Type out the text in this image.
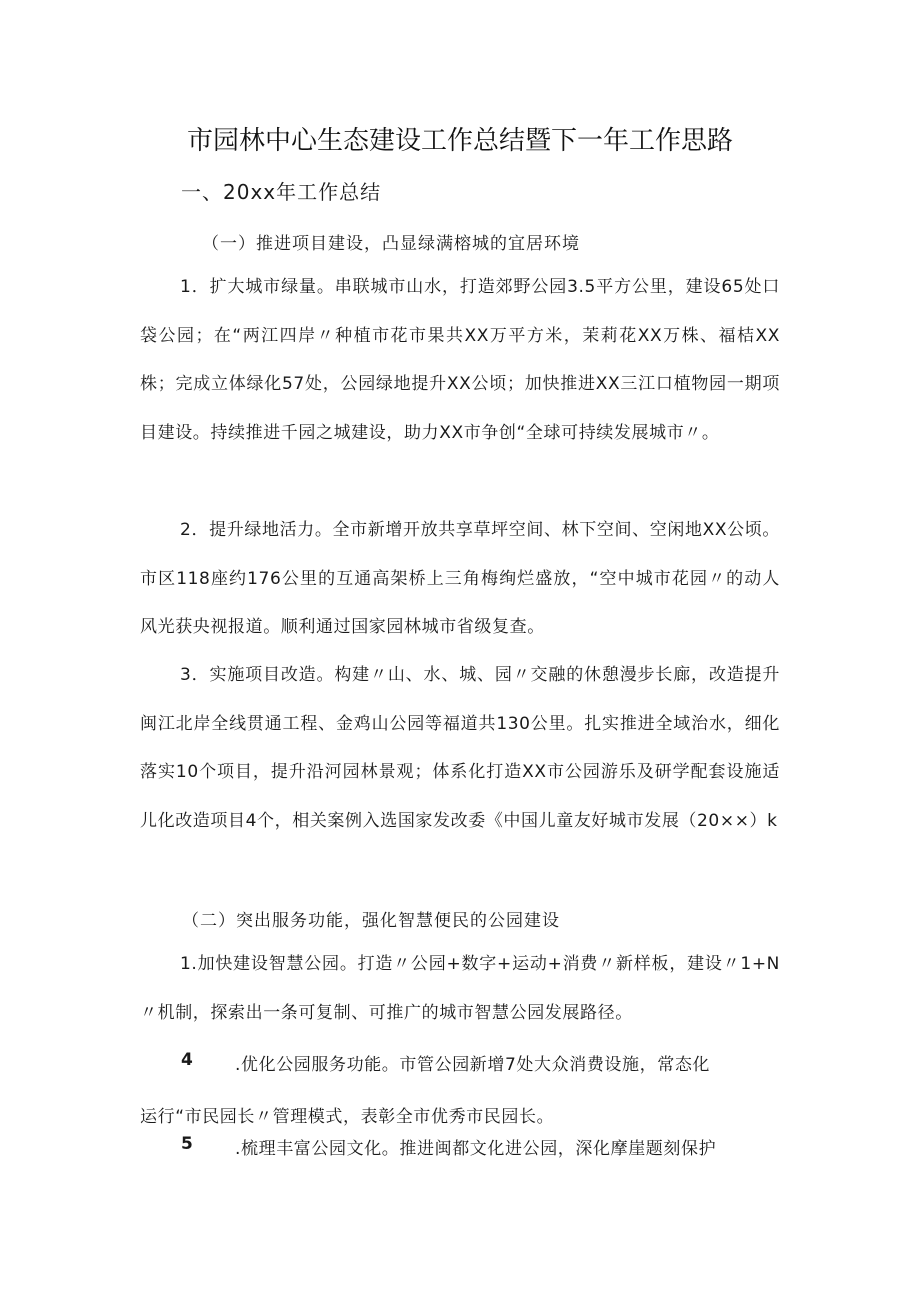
市园林中心生态建设工作总结暨下一年工作思路
一、20xx年工作总结
（一）推进项目建设，凸显绿满榕城的宜居环境

1．扩大城市绿量。串联城市山水，打造郊野公园3.5平方公里，建设65处口袋公园；在“两江四岸〃种植市花市果共XX万平方米，茉莉花XX万株、福桔XX株；完成立体绿化57处，公园绿地提升XX公顷；加快推进XX三江口植物园一期项目建设。持续推进千园之城建设，助力XX市争创“全球可持续发展城市〃。

2．提升绿地活力。全市新增开放共享草坪空间、林下空间、空闲地XX公顷。市区118座约176公里的互通高架桥上三角梅绚烂盛放，“空中城市花园〃的动人风光获央视报道。顺利通过国家园林城市省级复查。

3．实施项目改造。构建〃山、水、城、园〃交融的休憩漫步长廊，改造提升闽江北岸全线贯通工程、金鸡山公园等福道共130公里。扎实推进全域治水，细化落实10个项目，提升沿河园林景观；体系化打造XX市公园游乐及研学配套设施适儿化改造项目4个，相关案例入选国家发改委《中国儿童友好城市发展（20××）k

（二）突出服务功能，强化智慧便民的公园建设

1.加快建设智慧公园。打造〃公园+数字+运动+消费〃新样板，建设〃1+N〃机制，探索出一条可复制、可推广的城市智慧公园发展路径。

4 .优化公园服务功能。市管公园新增7处大众消费设施，常态化
运行“市民园长〃管理模式，表彰全市优秀市民园长。
5 .梳理丰富公园文化。推进闽都文化进公园，深化摩崖题刻保护
